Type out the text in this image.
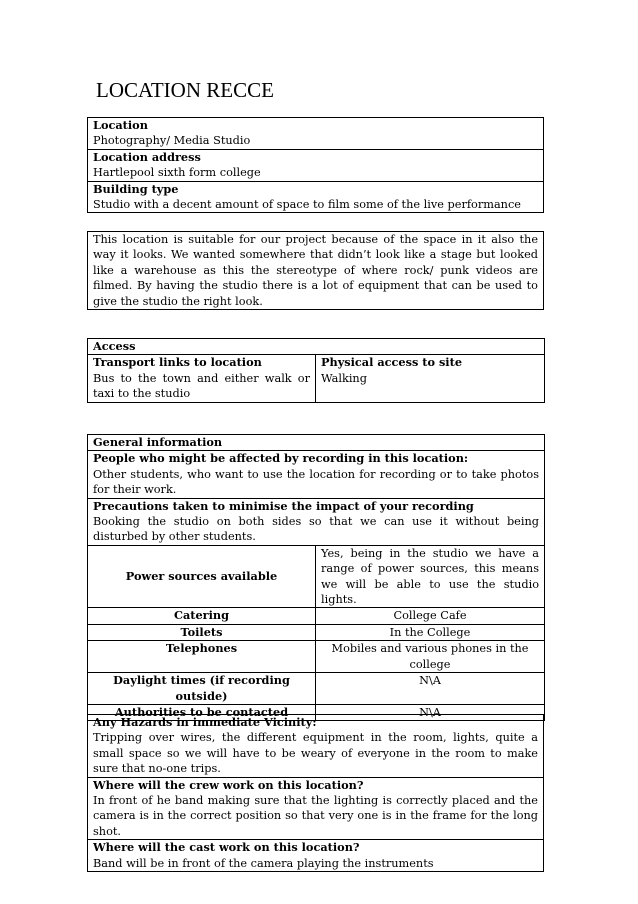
LOCATION RECCE
Location
Photography/ Media Studio

Location address
Hartlepool sixth form college

Building type
Studio with a decent amount of space to film some of the live performance
This location is suitable for our project because of the space in it also the way it looks. We wanted somewhere that didn’t look like a stage but looked like a warehouse as this the stereotype of where rock/ punk videos are filmed. By having the studio there is a lot of equipment that can be used to give the studio the right look.
Access

Transport links to location
Bus to the town and either walk or taxi to the studio

Physical access to site
Walking
General information	

People who might be affected by recording in this location:
Other students, who want to use the location for recording or to take photos for their work.	

Precautions taken to minimise the impact of your recording
Booking the studio on both sides so that we can use it without being disturbed by other students.	

Power sources available	Yes, being in the studio we have a range of power sources, this means we will be able to use the studio lights.

Catering	College Cafe

Toilets	In the College

Telephones	Mobiles and various phones in the college

Daylight times (if recording outside)	N\A

Authorities to be contacted	N\A
Any Hazards in immediate Vicinity:
Tripping over wires, the different equipment in the room, lights, quite a small space so we will have to be weary of everyone in the room to make sure that no-one trips.

Where will the crew work on this location?
In front of he band making sure that the lighting is correctly placed and the camera is in the correct position so that very one is in the frame for the long shot.

Where will the cast work on this location?
Band will be in front of the camera playing the instruments
